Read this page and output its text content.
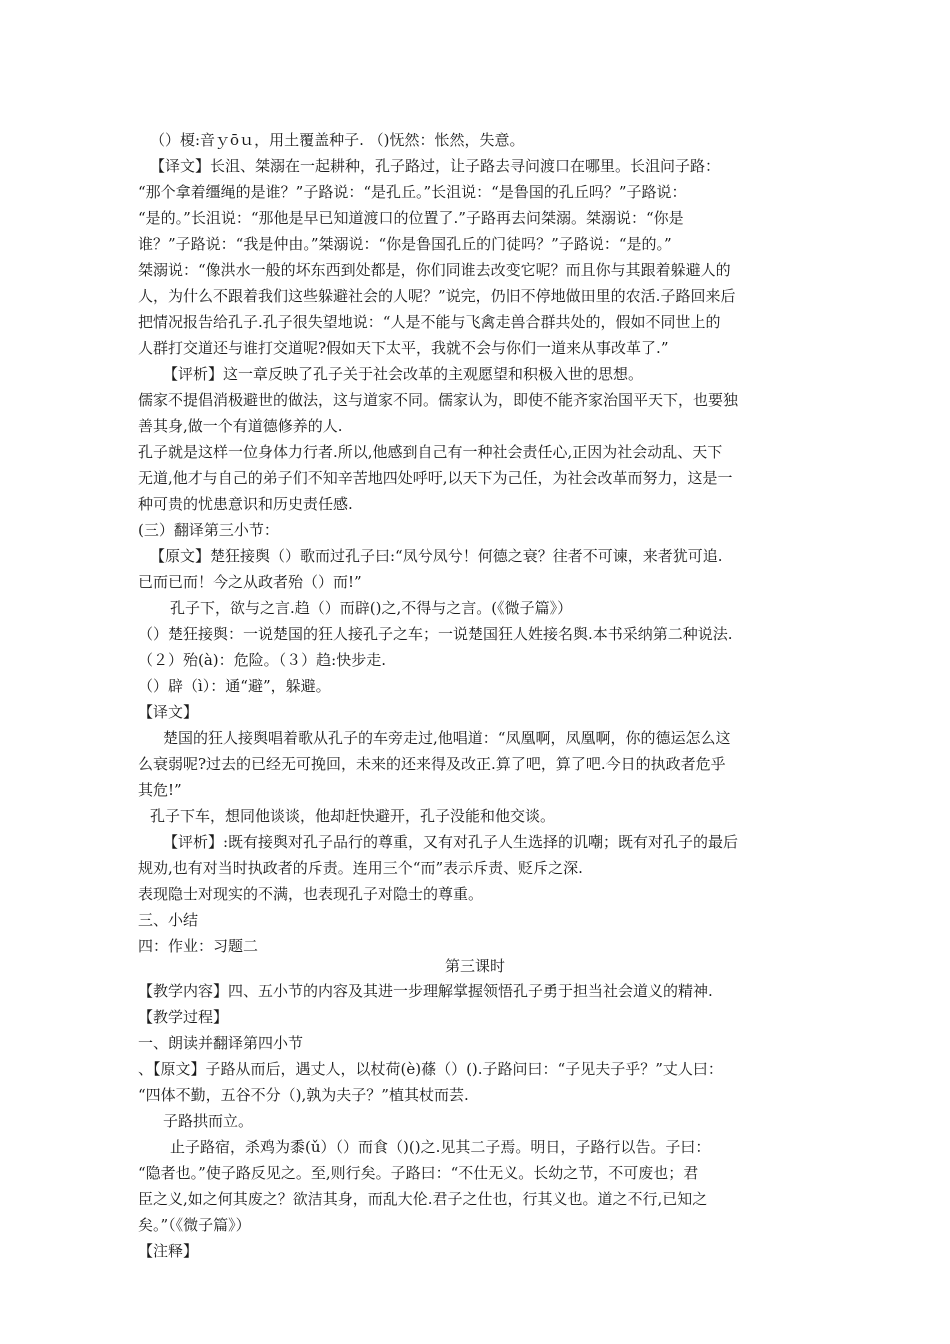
（）榎:音ｙōｕ，用土覆盖种子. （)怃然：怅然，失意。
【译文】长沮、桀溺在一起耕种，孔子路过，让子路去寻问渡口在哪里。长沮问子路：
“那个拿着缰绳的是谁？”子路说：“是孔丘。”长沮说：“是鲁国的孔丘吗？”子路说：
“是的。”长沮说：“那他是早已知道渡口的位置了.”子路再去问桀溺。桀溺说：“你是
谁？”子路说：“我是仲由。”桀溺说：“你是鲁国孔丘的门徒吗？”子路说：“是的。”
桀溺说：“像洪水一般的坏东西到处都是，你们同谁去改变它呢？而且你与其跟着躲避人的
人，为什么不跟着我们这些躲避社会的人呢？”说完，仍旧不停地做田里的农活.子路回来后
把情况报告给孔子.孔子很失望地说：“人是不能与飞禽走兽合群共处的，假如不同世上的
人群打交道还与谁打交道呢?假如天下太平，我就不会与你们一道来从事改革了.”
【评析】这一章反映了孔子关于社会改革的主观愿望和积极入世的思想。
儒家不提倡消极避世的做法，这与道家不同。儒家认为，即使不能齐家治国平天下，也要独
善其身,做一个有道德修养的人.
孔子就是这样一位身体力行者.所以,他感到自己有一种社会责任心,正因为社会动乱、天下
无道,他才与自己的弟子们不知辛苦地四处呼吁,以天下为己任，为社会改革而努力，这是一
种可贵的忧患意识和历史责任感.
(三）翻译第三小节：
【原文】楚狂接舆（）歌而过孔子曰:“凤兮凤兮！何德之衰？往者不可谏，来者犹可追.
已而已而！今之从政者殆（）而!”
孔子下，欲与之言.趋（）而辟()之,不得与之言。(《微子篇》）
（）楚狂接舆：一说楚国的狂人接孔子之车；一说楚国狂人姓接名舆.本书采纳第二种说法.
（２）殆(à)：危险。（３）趋:快步走.
（）辟（ì）：通“避”，躲避。
【译文】
楚国的狂人接舆唱着歌从孔子的车旁走过,他唱道：“凤凰啊，凤凰啊，你的德运怎么这
么衰弱呢?过去的已经无可挽回，未来的还来得及改正.算了吧，算了吧.今日的执政者危乎
其危!”
孔子下车，想同他谈谈，他却赶快避开，孔子没能和他交谈。
【评析】:既有接舆对孔子品行的尊重，又有对孔子人生选择的讥嘲；既有对孔子的最后
规劝,也有对当时执政者的斥责。连用三个“而”表示斥责、贬斥之深.
表现隐士对现实的不满，也表现孔子对隐士的尊重。
三、小结
四：作业：习题二
第三课时
【教学内容】四、五小节的内容及其进一步理解掌握领悟孔子勇于担当社会道义的精神.
【教学过程】
一、朗读并翻译第四小节
、【原文】子路从而后，遇丈人，以杖荷(è)蓧（）().子路问曰：“子见夫子乎？”丈人曰：
“四体不勤，五谷不分（),孰为夫子？”植其杖而芸.
子路拱而立。
止子路宿，杀鸡为黍(ǔ）（）而食（)()之.见其二子焉。明日，子路行以告。子曰：
“隐者也。”使子路反见之。至,则行矣。子路曰：“不仕无义。长幼之节，不可废也；君
臣之义,如之何其废之？欲洁其身，而乱大伦.君子之仕也，行其义也。道之不行,已知之
矣。”（《微子篇》）
【注释】
